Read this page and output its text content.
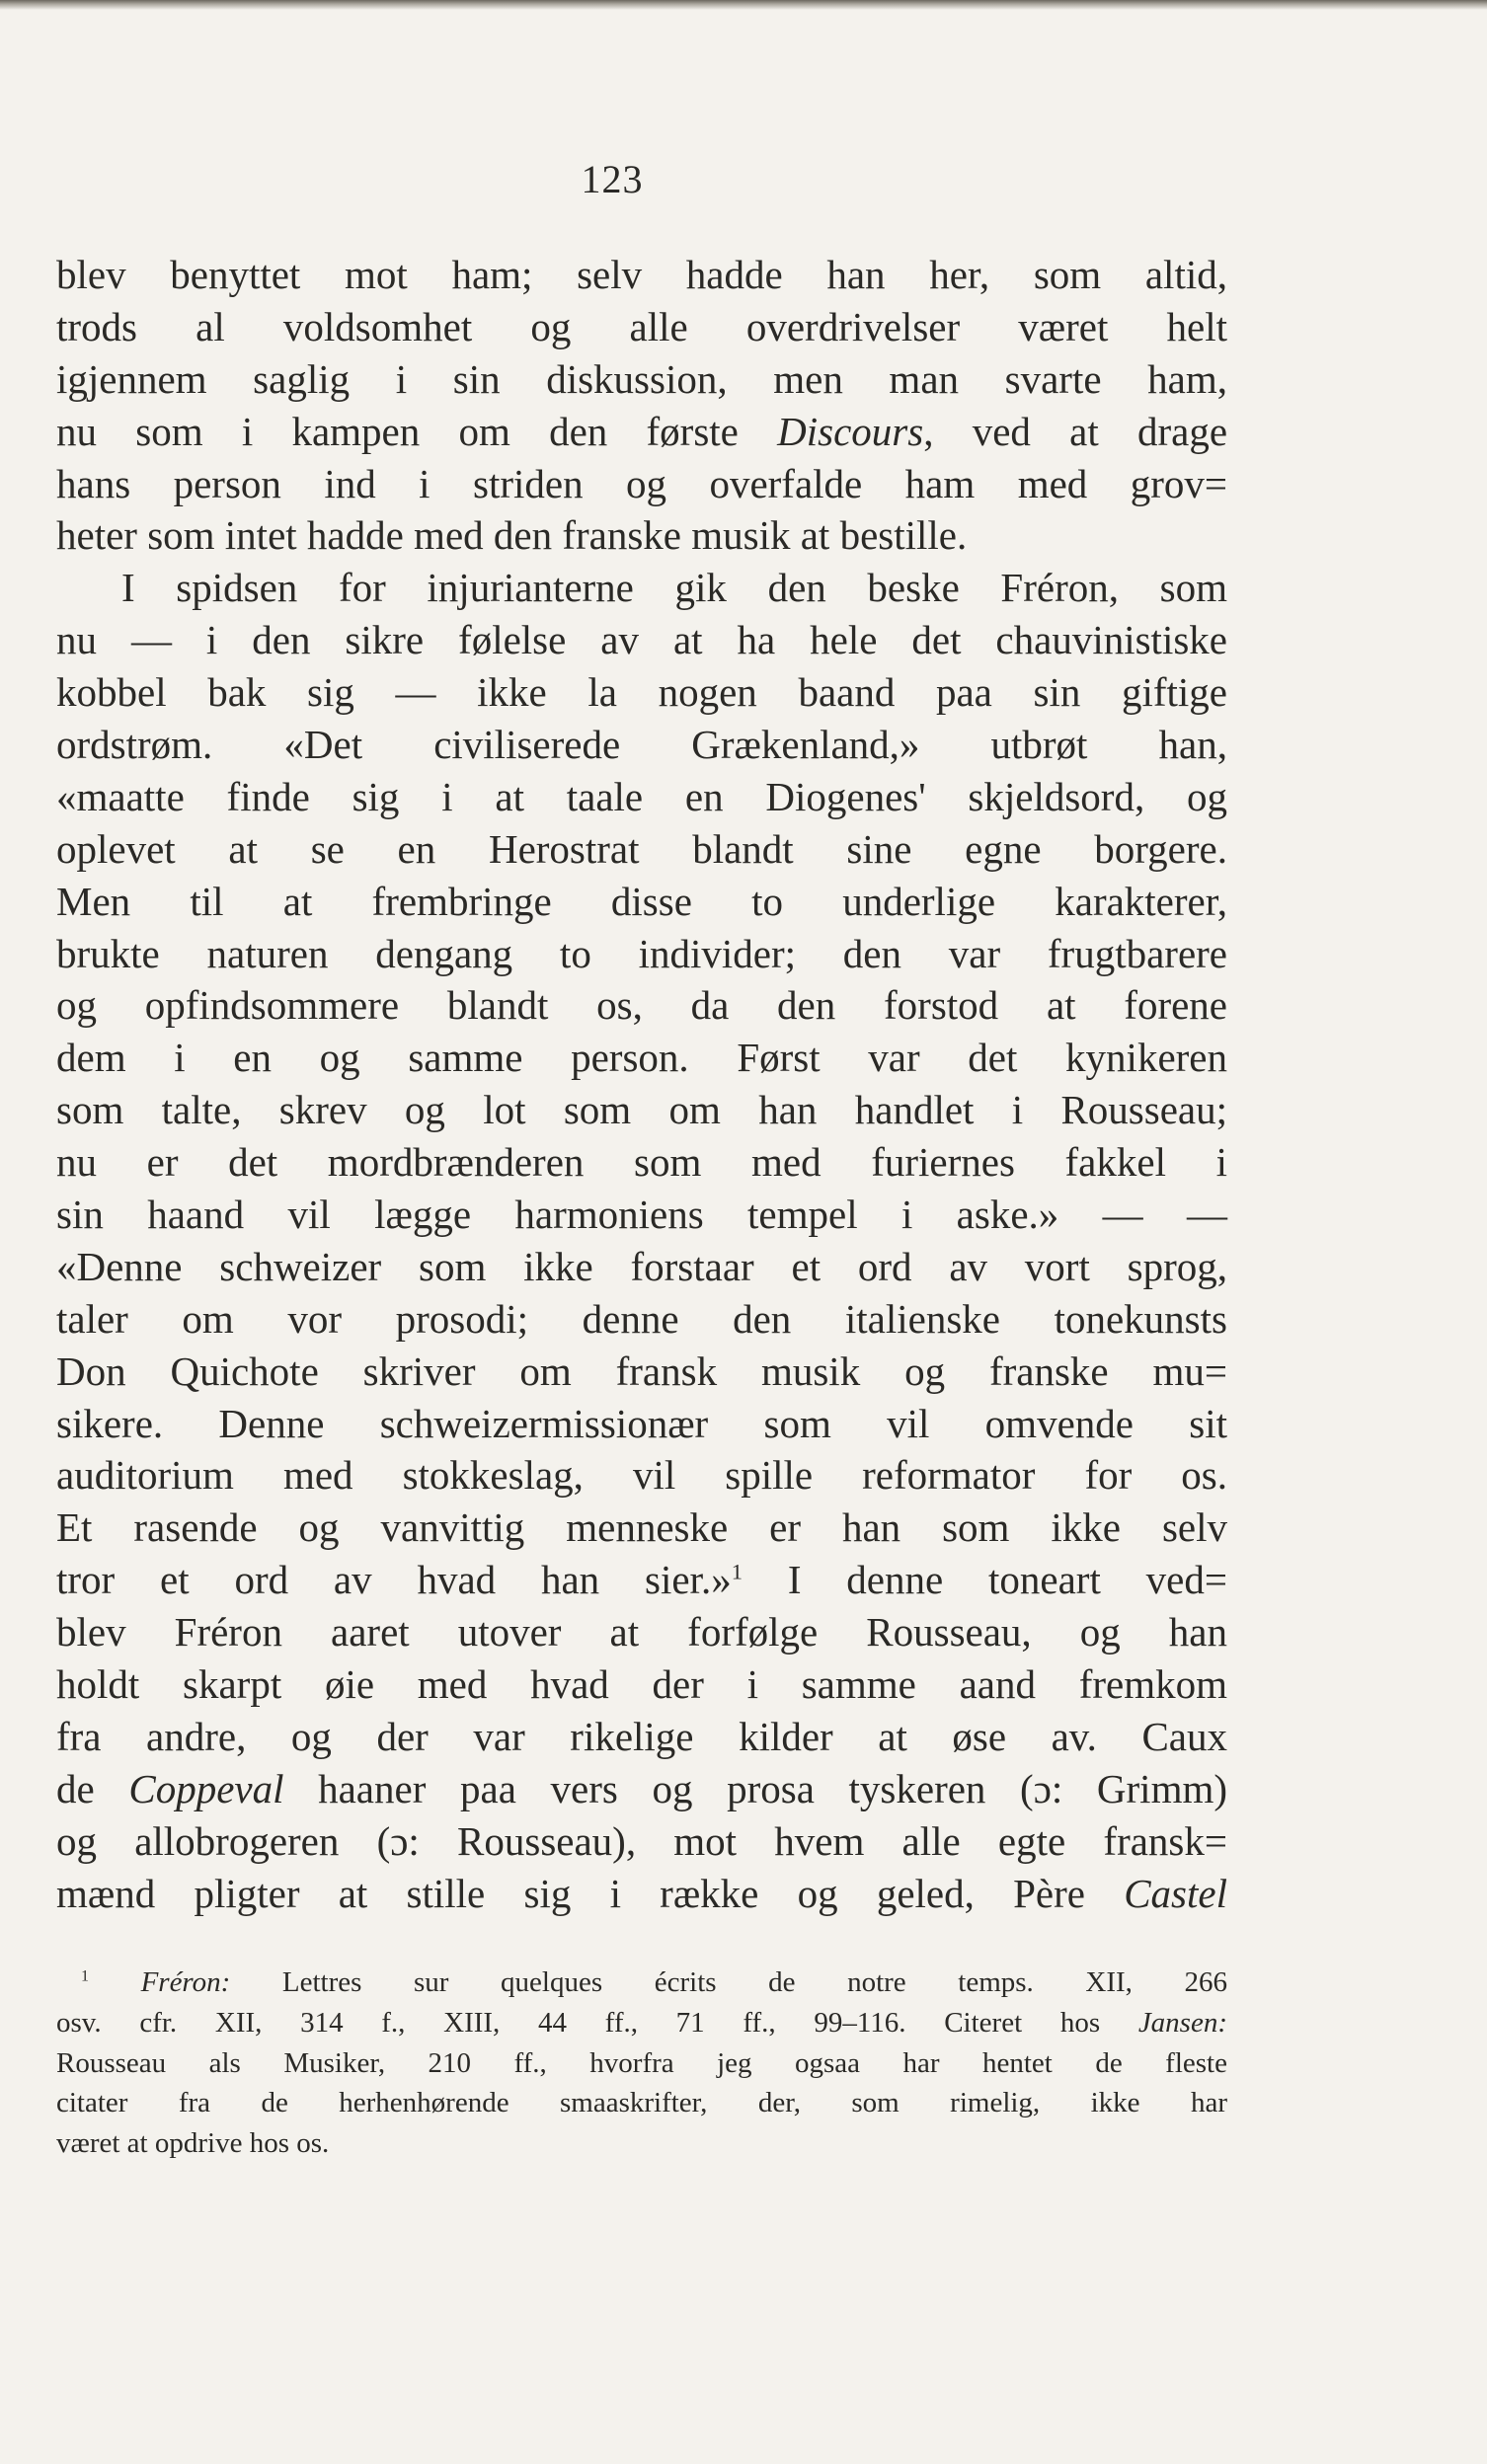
123
blev benyttet mot ham; selv hadde han her, som altid,
trods al voldsomhet og alle overdrivelser været helt
igjennem saglig i sin diskussion, men man svarte ham,
nu som i kampen om den første Discours, ved at drage
hans person ind i striden og overfalde ham med grov=
heter som intet hadde med den franske musik at bestille.
I spidsen for injurianterne gik den beske Fréron, som
nu — i den sikre følelse av at ha hele det chauvinistiske
kobbel bak sig — ikke la nogen baand paa sin giftige
ordstrøm. «Det civiliserede Grækenland,» utbrøt han,
«maatte finde sig i at taale en Diogenes' skjeldsord, og
oplevet at se en Herostrat blandt sine egne borgere.
Men til at frembringe disse to underlige karakterer,
brukte naturen dengang to individer; den var frugtbarere
og opfindsommere blandt os, da den forstod at forene
dem i en og samme person. Først var det kynikeren
som talte, skrev og lot som om han handlet i Rousseau;
nu er det mordbrænderen som med furiernes fakkel i
sin haand vil lægge harmoniens tempel i aske.» — —
«Denne schweizer som ikke forstaar et ord av vort sprog,
taler om vor prosodi; denne den italienske tonekunsts
Don Quichote skriver om fransk musik og franske mu=
sikere. Denne schweizermissionær som vil omvende sit
auditorium med stokkeslag, vil spille reformator for os.
Et rasende og vanvittig menneske er han som ikke selv
tror et ord av hvad han sier.»$^1$ I denne toneart ved=
blev Fréron aaret utover at forfølge Rousseau, og han
holdt skarpt øie med hvad der i samme aand fremkom
fra andre, og der var rikelige kilder at øse av. Caux
de Coppeval haaner paa vers og prosa tyskeren (ɔ: Grimm)
og allobrogeren (ɔ: Rousseau), mot hvem alle egte fransk=
mænd pligter at stille sig i række og geled, Père Castel
$^1$ Fréron: Lettres sur quelques écrits de notre temps. XII, 266
osv. cfr. XII, 314 f., XIII, 44 ff., 71 ff., 99–116. Citeret hos Jansen:
Rousseau als Musiker, 210 ff., hvorfra jeg ogsaa har hentet de fleste
citater fra de herhenhørende smaaskrifter, der, som rimelig, ikke har
været at opdrive hos os.
